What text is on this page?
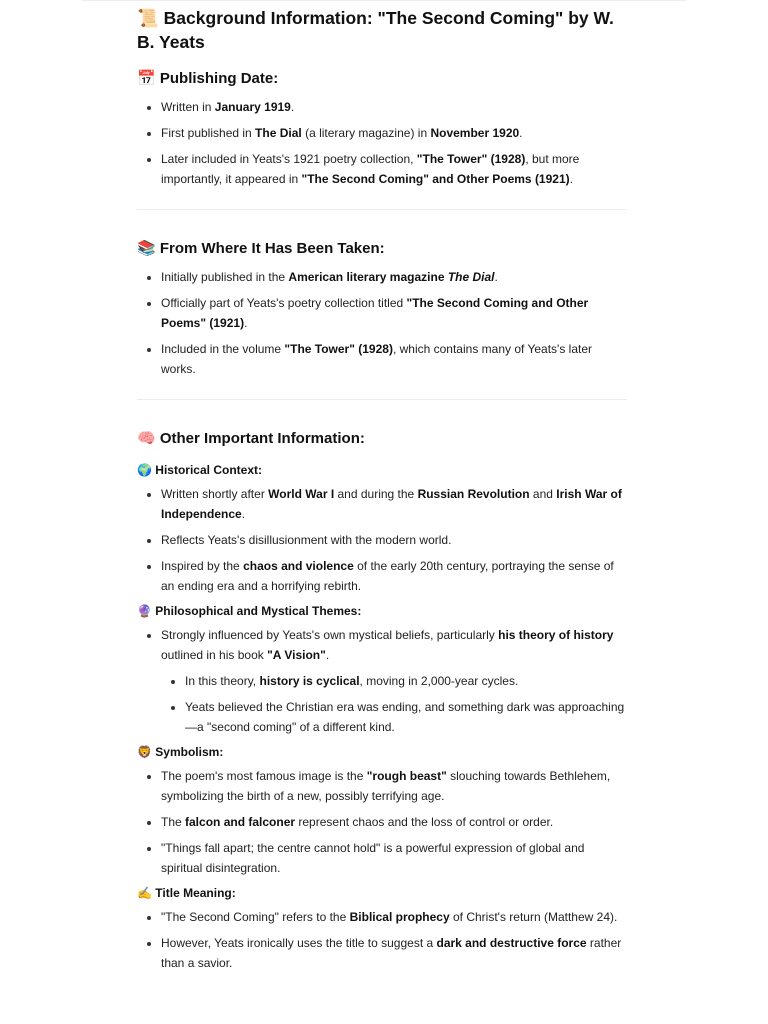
📜 Background Information: "The Second Coming" by W. B. Yeats
📅 Publishing Date:
Written in January 1919.
First published in The Dial (a literary magazine) in November 1920.
Later included in Yeats's 1921 poetry collection, "The Tower" (1928), but more importantly, it appeared in "The Second Coming" and Other Poems (1921).
📚 From Where It Has Been Taken:
Initially published in the American literary magazine The Dial.
Officially part of Yeats's poetry collection titled "The Second Coming and Other Poems" (1921).
Included in the volume "The Tower" (1928), which contains many of Yeats's later works.
🧠 Other Important Information:
🌍 Historical Context:
Written shortly after World War I and during the Russian Revolution and Irish War of Independence.
Reflects Yeats's disillusionment with the modern world.
Inspired by the chaos and violence of the early 20th century, portraying the sense of an ending era and a horrifying rebirth.
🔮 Philosophical and Mystical Themes:
Strongly influenced by Yeats's own mystical beliefs, particularly his theory of history outlined in his book "A Vision".
In this theory, history is cyclical, moving in 2,000-year cycles.
Yeats believed the Christian era was ending, and something dark was approaching—a "second coming" of a different kind.
🦁 Symbolism:
The poem's most famous image is the "rough beast" slouching towards Bethlehem, symbolizing the birth of a new, possibly terrifying age.
The falcon and falconer represent chaos and the loss of control or order.
"Things fall apart; the centre cannot hold" is a powerful expression of global and spiritual disintegration.
✍️ Title Meaning:
"The Second Coming" refers to the Biblical prophecy of Christ's return (Matthew 24).
However, Yeats ironically uses the title to suggest a dark and destructive force rather than a savior.
